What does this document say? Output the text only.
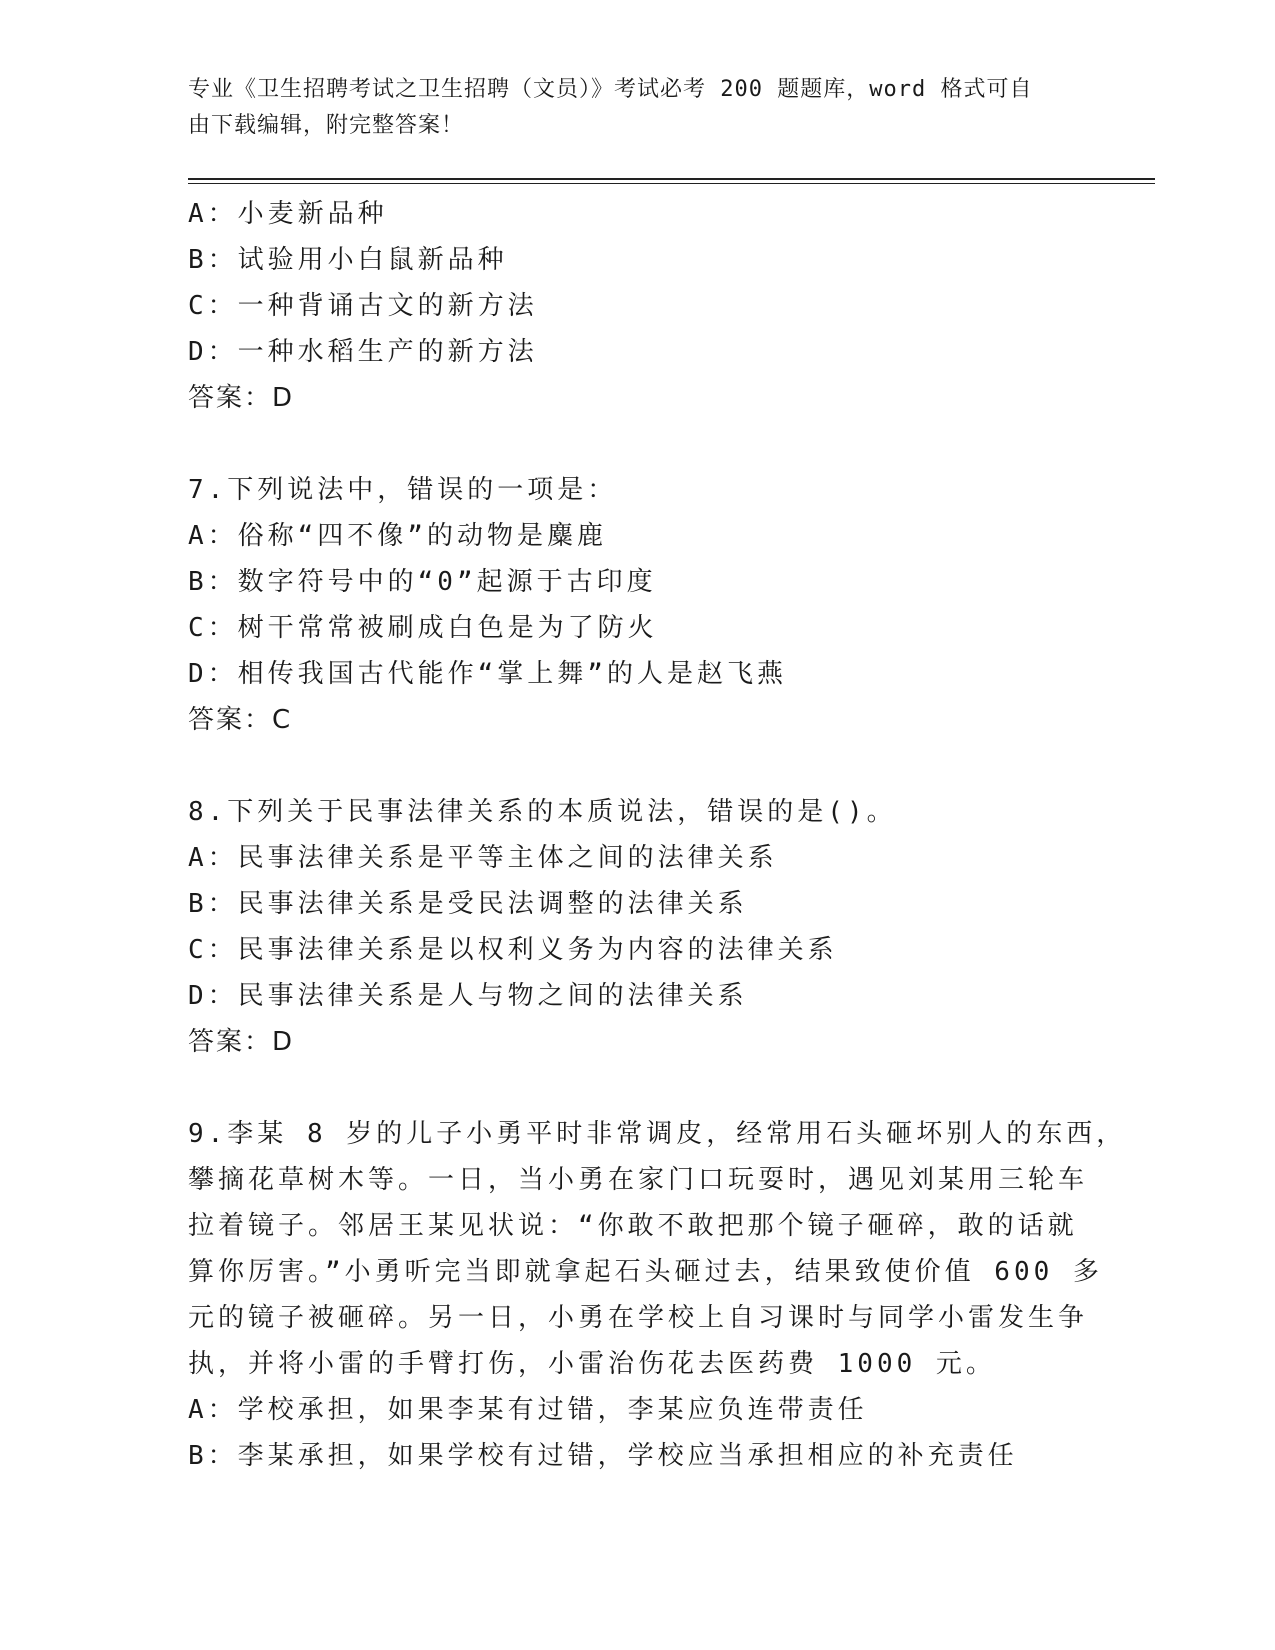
专业《卫生招聘考试之卫生招聘（文员）》考试必考 200 题题库，word 格式可自
由下载编辑，附完整答案！
A：小麦新品种
B：试验用小白鼠新品种
C：一种背诵古文的新方法
D：一种水稻生产的新方法
答案：D
7.下列说法中，错误的一项是：
A：俗称“四不像”的动物是麋鹿
B：数字符号中的“0”起源于古印度
C：树干常常被刷成白色是为了防火
D：相传我国古代能作“掌上舞”的人是赵飞燕
答案：C
8.下列关于民事法律关系的本质说法，错误的是()。
A：民事法律关系是平等主体之间的法律关系
B：民事法律关系是受民法调整的法律关系
C：民事法律关系是以权利义务为内容的法律关系
D：民事法律关系是人与物之间的法律关系
答案：D
9.李某 8 岁的儿子小勇平时非常调皮，经常用石头砸坏别人的东西，
攀摘花草树木等。一日，当小勇在家门口玩耍时，遇见刘某用三轮车
拉着镜子。邻居王某见状说：“你敢不敢把那个镜子砸碎，敢的话就
算你厉害。”小勇听完当即就拿起石头砸过去，结果致使价值 600 多
元的镜子被砸碎。另一日，小勇在学校上自习课时与同学小雷发生争
执，并将小雷的手臂打伤，小雷治伤花去医药费 1000 元。
A：学校承担，如果李某有过错，李某应负连带责任
B：李某承担，如果学校有过错，学校应当承担相应的补充责任
